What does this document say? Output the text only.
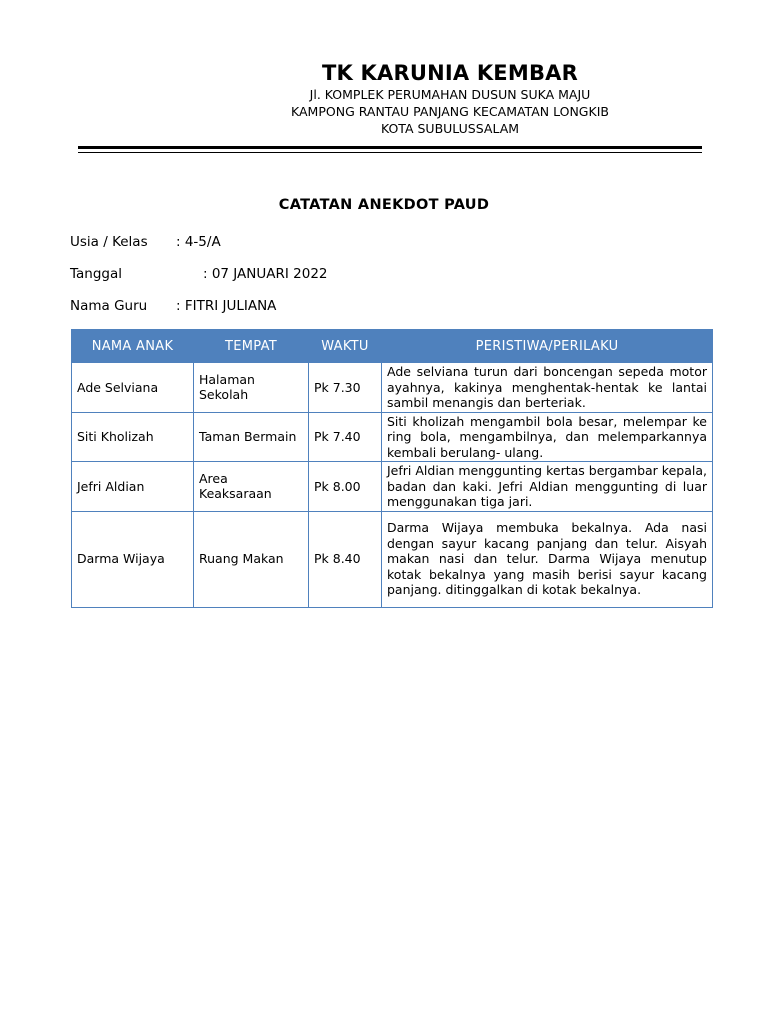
TK KARUNIA KEMBAR
Jl. KOMPLEK PERUMAHAN DUSUN SUKA MAJU
KAMPONG RANTAU PANJANG KECAMATAN LONGKIB
KOTA SUBULUSSALAM
CATATAN ANEKDOT PAUD
Usia / Kelas : 4-5/A
Tanggal	: 07 JANUARI 2022
Nama Guru : FITRI JULIANA
NAMA ANAK	TEMPAT	WAKTU	PERISTIWA/PERILAKU
Ade Selviana	Halaman Sekolah	Pk 7.30	Ade selviana turun dari boncengan sepeda motor ayahnya, kakinya menghentak-hentak ke lantai sambil menangis dan berteriak.
Siti Kholizah	Taman Bermain	Pk 7.40	Siti kholizah mengambil bola besar, melempar ke ring bola, mengambilnya, dan melemparkannya kembali berulang- ulang.
Jefri Aldian	Area Keaksaraan	Pk 8.00	Jefri Aldian menggunting kertas bergambar kepala, badan dan kaki. Jefri Aldian menggunting di luar menggunakan tiga jari.
Darma Wijaya	Ruang Makan	Pk 8.40	Darma Wijaya membuka bekalnya. Ada nasi dengan sayur kacang panjang dan telur. Aisyah makan nasi dan telur. Darma Wijaya menutup kotak bekalnya yang masih berisi sayur kacang panjang. ditinggalkan di kotak bekalnya.
